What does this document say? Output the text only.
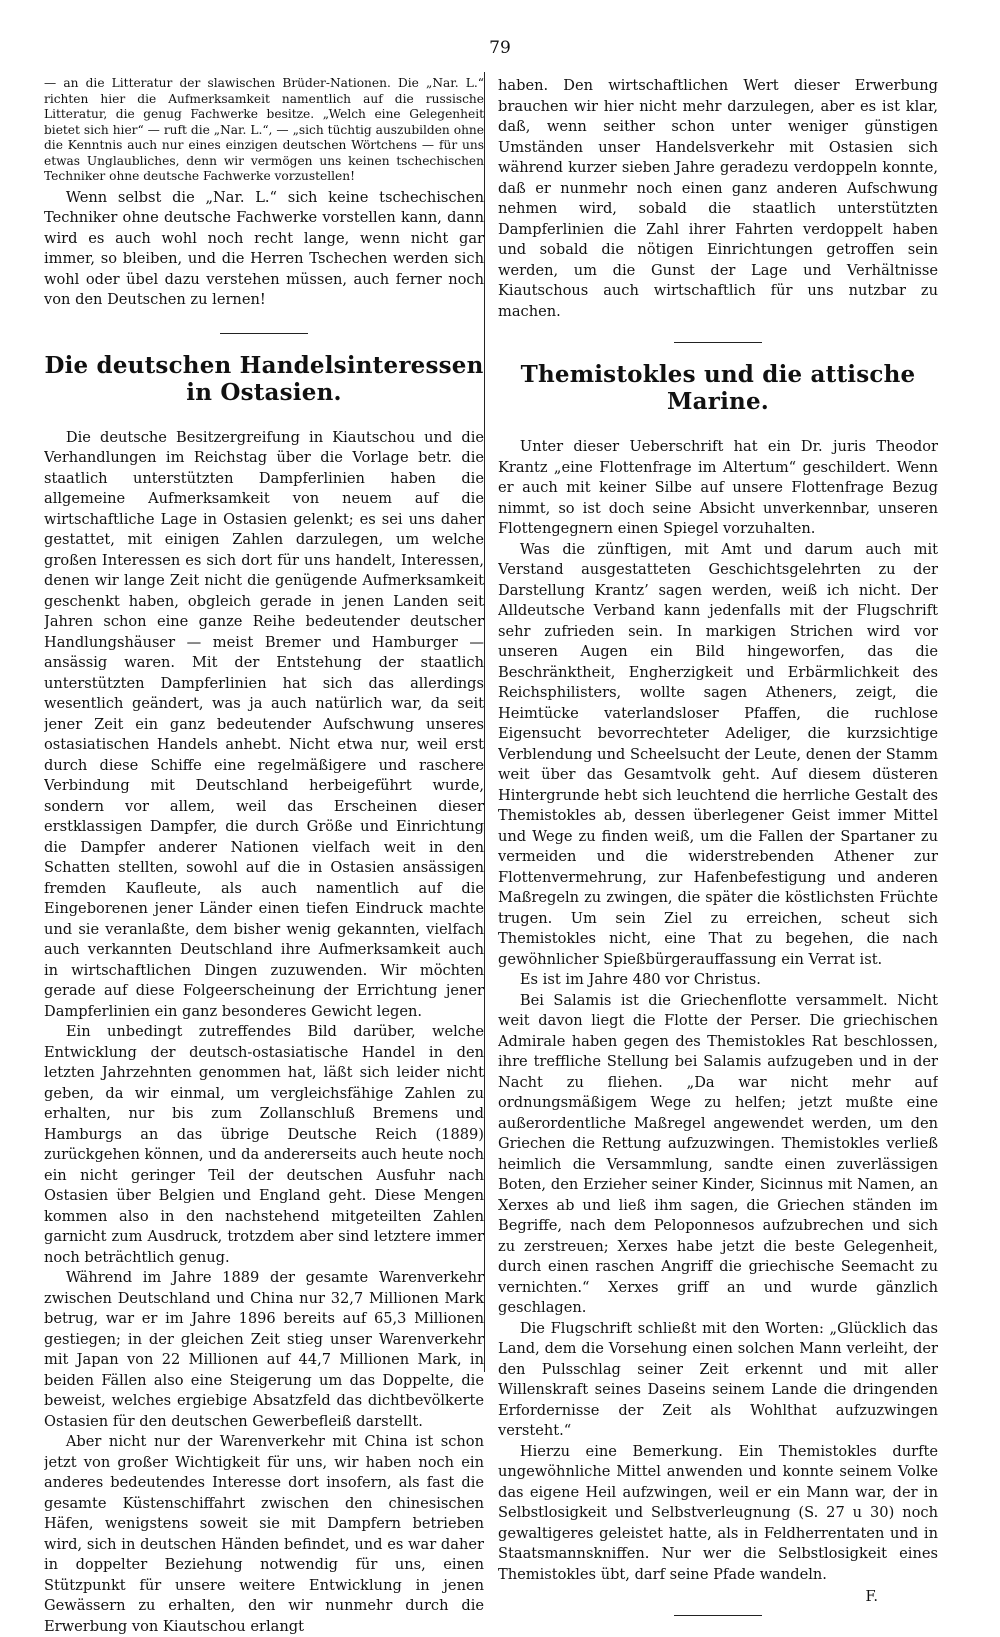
79

— an die Litteratur der slawischen Brüder-Nationen. Die „Nar. L.“ richten hier die Aufmerksamkeit namentlich auf die russische Litteratur, die genug Fachwerke besitze. „Welch eine Gelegenheit bietet sich hier“ — ruft die „Nar. L.“, — „sich tüchtig auszubilden ohne die Kenntnis auch nur eines einzigen deutschen Wörtchens — für uns etwas Unglaubliches, denn wir vermögen uns keinen tschechischen Techniker ohne deutsche Fachwerke vorzustellen!

Wenn selbst die „Nar. L.“ sich keine tschechischen Techniker ohne deutsche Fachwerke vorstellen kann, dann wird es auch wohl noch recht lange, wenn nicht gar immer, so bleiben, und die Herren Tschechen werden sich wohl oder übel dazu verstehen müssen, auch ferner noch von den Deutschen zu lernen!

Die deutschen Handelsinteressen in Ostasien.

Die deutsche Besitzergreifung in Kiautschou und die Verhandlungen im Reichstag über die Vorlage betr. die staatlich unterstützten Dampferlinien haben die allgemeine Aufmerksamkeit von neuem auf die wirtschaftliche Lage in Ostasien gelenkt; es sei uns daher gestattet, mit einigen Zahlen darzulegen, um welche großen Interessen es sich dort für uns handelt, Interessen, denen wir lange Zeit nicht die genügende Aufmerksamkeit geschenkt haben, obgleich gerade in jenen Landen seit Jahren schon eine ganze Reihe bedeutender deutscher Handlungshäuser — meist Bremer und Hamburger — ansässig waren. Mit der Entstehung der staatlich unterstützten Dampferlinien hat sich das allerdings wesentlich geändert, was ja auch natürlich war, da seit jener Zeit ein ganz bedeutender Aufschwung unseres ostasiatischen Handels anhebt. Nicht etwa nur, weil erst durch diese Schiffe eine regelmäßigere und raschere Verbindung mit Deutschland herbeigeführt wurde, sondern vor allem, weil das Erscheinen dieser erstklassigen Dampfer, die durch Größe und Einrichtung die Dampfer anderer Nationen vielfach weit in den Schatten stellten, sowohl auf die in Ostasien ansässigen fremden Kaufleute, als auch namentlich auf die Eingeborenen jener Länder einen tiefen Eindruck machte und sie veranlaßte, dem bisher wenig gekannten, vielfach auch verkannten Deutschland ihre Aufmerksamkeit auch in wirtschaftlichen Dingen zuzuwenden. Wir möchten gerade auf diese Folgeerscheinung der Errichtung jener Dampferlinien ein ganz besonderes Gewicht legen.

Ein unbedingt zutreffendes Bild darüber, welche Entwicklung der deutsch-ostasiatische Handel in den letzten Jahrzehnten genommen hat, läßt sich leider nicht geben, da wir einmal, um vergleichsfähige Zahlen zu erhalten, nur bis zum Zollanschluß Bremens und Hamburgs an das übrige Deutsche Reich (1889) zurückgehen können, und da andererseits auch heute noch ein nicht geringer Teil der deutschen Ausfuhr nach Ostasien über Belgien und England geht. Diese Mengen kommen also in den nachstehend mitgeteilten Zahlen garnicht zum Ausdruck, trotzdem aber sind letztere immer noch beträchtlich genug.

Während im Jahre 1889 der gesamte Warenverkehr zwischen Deutschland und China nur 32,7 Millionen Mark betrug, war er im Jahre 1896 bereits auf 65,3 Millionen gestiegen; in der gleichen Zeit stieg unser Warenverkehr mit Japan von 22 Millionen auf 44,7 Millionen Mark, in beiden Fällen also eine Steigerung um das Doppelte, die beweist, welches ergiebige Absatzfeld das dichtbevölkerte Ostasien für den deutschen Gewerbefleiß darstellt.

Aber nicht nur der Warenverkehr mit China ist schon jetzt von großer Wichtigkeit für uns, wir haben noch ein anderes bedeutendes Interesse dort insofern, als fast die gesamte Küstenschiffahrt zwischen den chinesischen Häfen, wenigstens soweit sie mit Dampfern betrieben wird, sich in deutschen Händen befindet, und es war daher in doppelter Beziehung notwendig für uns, einen Stützpunkt für unsere weitere Entwicklung in jenen Gewässern zu erhalten, den wir nunmehr durch die Erwerbung von Kiautschou erlangt

haben. Den wirtschaftlichen Wert dieser Erwerbung brauchen wir hier nicht mehr darzulegen, aber es ist klar, daß, wenn seither schon unter weniger günstigen Umständen unser Handelsverkehr mit Ostasien sich während kurzer sieben Jahre geradezu verdoppeln konnte, daß er nunmehr noch einen ganz anderen Aufschwung nehmen wird, sobald die staatlich unterstützten Dampferlinien die Zahl ihrer Fahrten verdoppelt haben und sobald die nötigen Einrichtungen getroffen sein werden, um die Gunst der Lage und Verhältnisse Kiautschous auch wirtschaftlich für uns nutzbar zu machen.

Themistokles und die attische Marine.

Unter dieser Ueberschrift hat ein Dr. juris Theodor Krantz „eine Flottenfrage im Altertum“ geschildert. Wenn er auch mit keiner Silbe auf unsere Flottenfrage Bezug nimmt, so ist doch seine Absicht unverkennbar, unseren Flottengegnern einen Spiegel vorzuhalten.

Was die zünftigen, mit Amt und darum auch mit Verstand ausgestatteten Geschichtsgelehrten zu der Darstellung Krantz’ sagen werden, weiß ich nicht. Der Alldeutsche Verband kann jedenfalls mit der Flugschrift sehr zufrieden sein. In markigen Strichen wird vor unseren Augen ein Bild hingeworfen, das die Beschränktheit, Engherzigkeit und Erbärmlichkeit des Reichsphilisters, wollte sagen Atheners, zeigt, die Heimtücke vaterlandsloser Pfaffen, die ruchlose Eigensucht bevorrechteter Adeliger, die kurzsichtige Verblendung und Scheelsucht der Leute, denen der Stamm weit über das Gesamtvolk geht. Auf diesem düsteren Hintergrunde hebt sich leuchtend die herrliche Gestalt des Themistokles ab, dessen überlegener Geist immer Mittel und Wege zu finden weiß, um die Fallen der Spartaner zu vermeiden und die widerstrebenden Athener zur Flottenvermehrung, zur Hafenbefestigung und anderen Maßregeln zu zwingen, die später die köstlichsten Früchte trugen. Um sein Ziel zu erreichen, scheut sich Themistokles nicht, eine That zu begehen, die nach gewöhnlicher Spießbürgerauffassung ein Verrat ist.

Es ist im Jahre 480 vor Christus.

Bei Salamis ist die Griechenflotte versammelt. Nicht weit davon liegt die Flotte der Perser. Die griechischen Admirale haben gegen des Themistokles Rat beschlossen, ihre treffliche Stellung bei Salamis aufzugeben und in der Nacht zu fliehen. „Da war nicht mehr auf ordnungsmäßigem Wege zu helfen; jetzt mußte eine außerordentliche Maßregel angewendet werden, um den Griechen die Rettung aufzuzwingen. Themistokles verließ heimlich die Versammlung, sandte einen zuverlässigen Boten, den Erzieher seiner Kinder, Sicinnus mit Namen, an Xerxes ab und ließ ihm sagen, die Griechen ständen im Begriffe, nach dem Peloponnesos aufzubrechen und sich zu zerstreuen; Xerxes habe jetzt die beste Gelegenheit, durch einen raschen Angriff die griechische Seemacht zu vernichten.“ Xerxes griff an und wurde gänzlich geschlagen.

Die Flugschrift schließt mit den Worten: „Glücklich das Land, dem die Vorsehung einen solchen Mann verleiht, der den Pulsschlag seiner Zeit erkennt und mit aller Willenskraft seines Daseins seinem Lande die dringenden Erfordernisse der Zeit als Wohlthat aufzuzwingen versteht.“

Hierzu eine Bemerkung. Ein Themistokles durfte ungewöhnliche Mittel anwenden und konnte seinem Volke das eigene Heil aufzwingen, weil er ein Mann war, der in Selbstlosigkeit und Selbstverleugnung (S. 27 u 30) noch gewaltigeres geleistet hatte, als in Feldherrentaten und in Staatsmannskniffen. Nur wer die Selbstlosigkeit eines Themistokles übt, darf seine Pfade wandeln.

F.
